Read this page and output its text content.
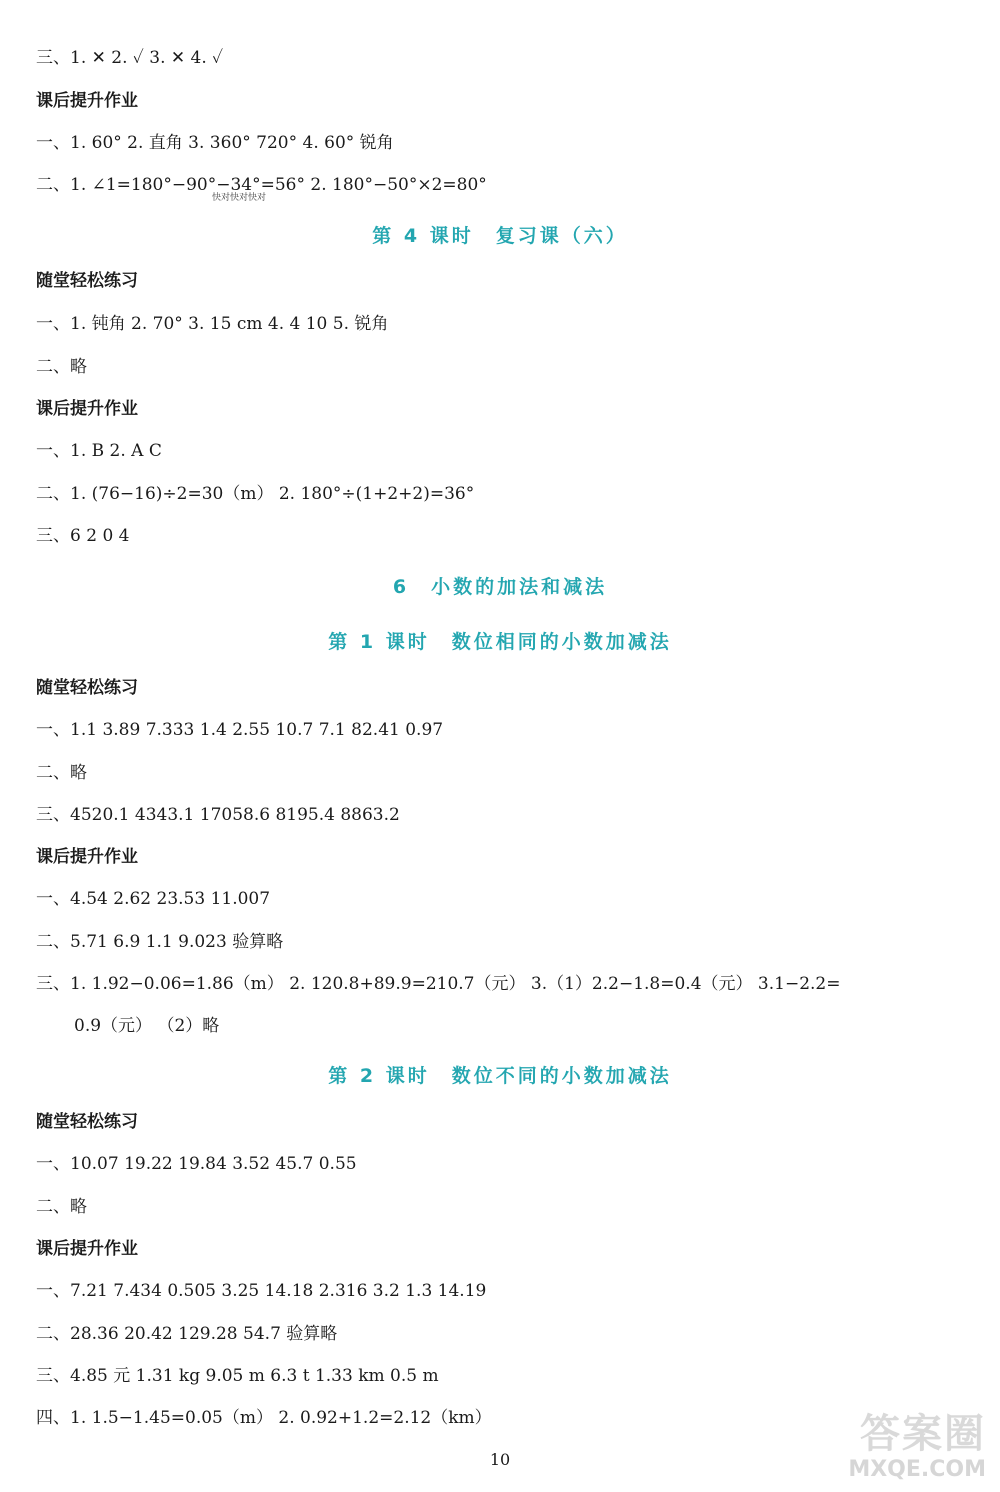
三、1. ✕ 2. ✓ 3. ✕ 4. ✓
课后提升作业
一、1. 60° 2. 直角 3. 360° 720° 4. 60° 锐角
二、1. ∠1=180°−90°−34°=56° 2. 180°−50°×2=80°
快对快对快对
第 4 课时　复习课（六）
随堂轻松练习
一、1. 钝角 2. 70° 3. 15 cm 4. 4 10 5. 锐角
二、略
课后提升作业
一、1. B 2. A C
二、1. (76−16)÷2=30（m） 2. 180°÷(1+2+2)=36°
三、6 2 0 4
6　小数的加法和减法
第 1 课时　数位相同的小数加减法
随堂轻松练习
一、1.1 3.89 7.333 1.4 2.55 10.7 7.1 82.41 0.97
二、略
三、4520.1 4343.1 17058.6 8195.4 8863.2
课后提升作业
一、4.54 2.62 23.53 11.007
二、5.71 6.9 1.1 9.023 验算略
三、1. 1.92−0.06=1.86（m） 2. 120.8+89.9=210.7（元） 3.（1）2.2−1.8=0.4（元） 3.1−2.2=
0.9（元） （2）略
第 2 课时　数位不同的小数加减法
随堂轻松练习
一、10.07 19.22 19.84 3.52 45.7 0.55
二、略
课后提升作业
一、7.21 7.434 0.505 3.25 14.18 2.316 3.2 1.3 14.19
二、28.36 20.42 129.28 54.7 验算略
三、4.85 元 1.31 kg 9.05 m 6.3 t 1.33 km 0.5 m
四、1. 1.5−1.45=0.05（m） 2. 0.92+1.2=2.12（km）
10
答案圈
MXQE.COM
